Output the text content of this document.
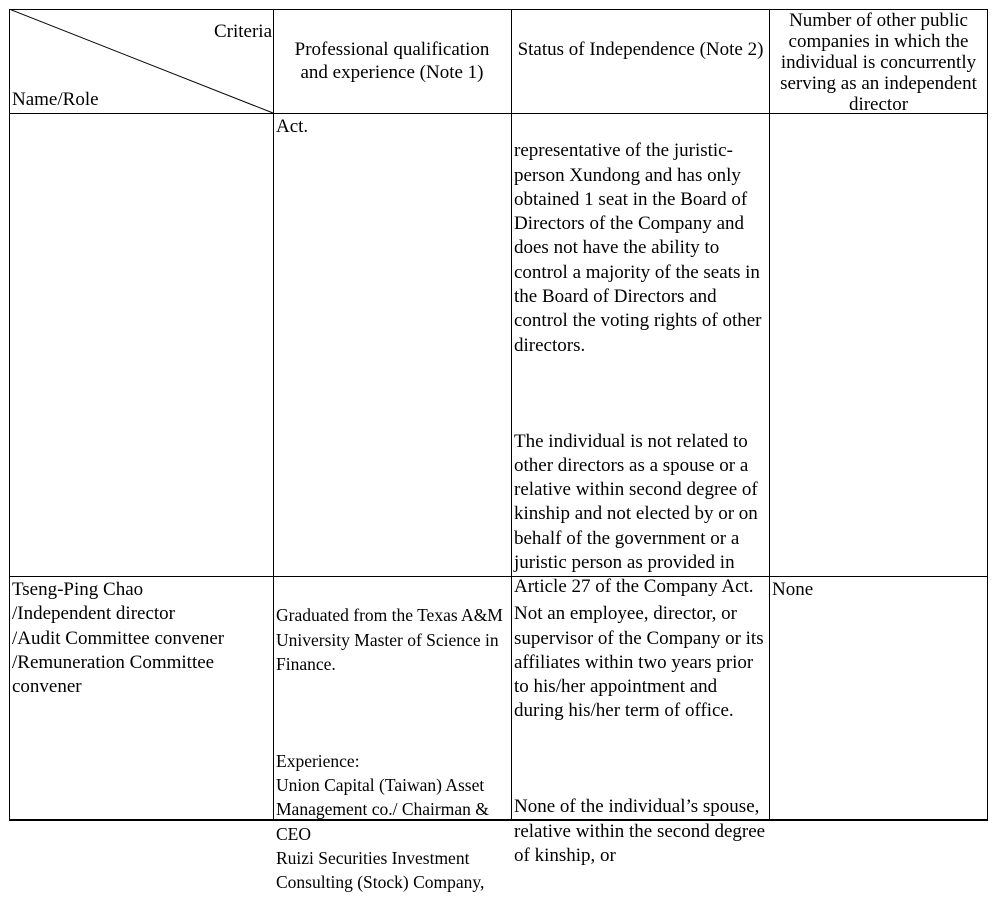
Criteria
Name/Role
Professional qualification and experience (Note 1)
Status of Independence (Note 2)
Number of other public companies in which the individual is concurrently serving as an independent director
Act.

representative of the juristic-person Xundong and has only obtained 1 seat in the Board of Directors of the Company and does not have the ability to control a majority of the seats in the Board of Directors and control the voting rights of other directors.

The individual is not related to other directors as a spouse or a relative within second degree of kinship and not elected by or on behalf of the government or a juristic person as provided in Article 27 of the Company Act.

Tseng-Ping Chao
/Independent director
/Audit Committee convener
/Remuneration Committee convener

Graduated from the Texas A&M University Master of Science in Finance.

Experience:
Union Capital (Taiwan) Asset Management co./ Chairman & CEO
Ruizi Securities Investment Consulting (Stock) Company,

Not an employee, director, or supervisor of the Company or its affiliates within two years prior to his/her appointment and during his/her term of office.

None of the individual’s spouse, relative within the second degree of kinship, or

None
